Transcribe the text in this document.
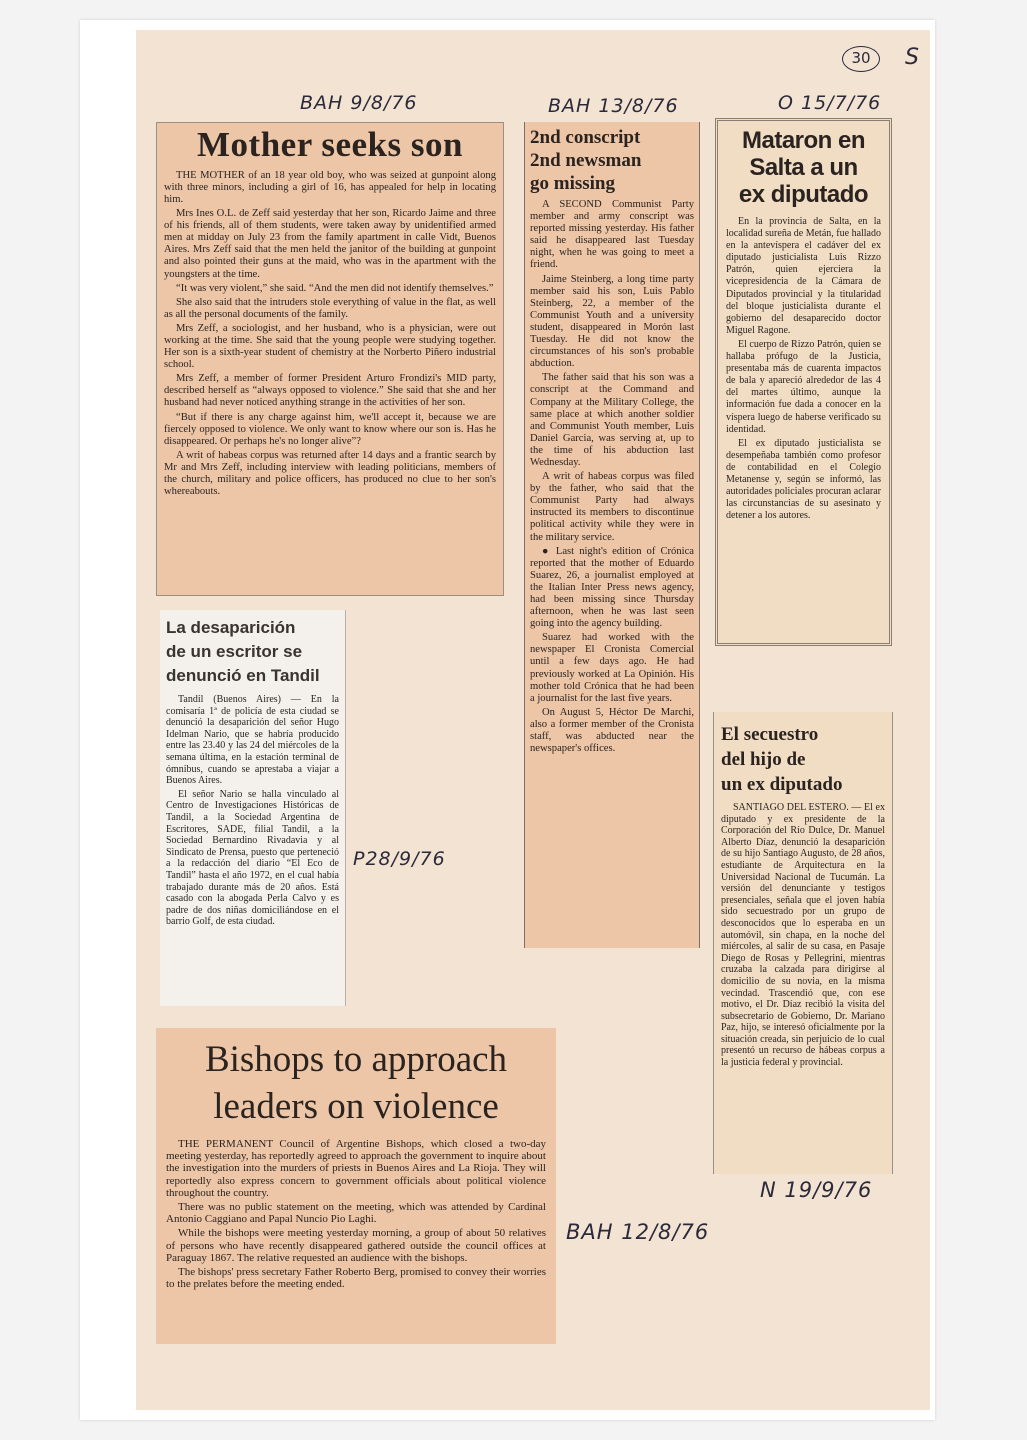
30	S
BAH 9/8/76	BAH 13/8/76	O 15/7/76
P28/9/76
BAH 12/8/76
N 19/9/76
Mother seeks son

THE MOTHER of an 18 year old boy, who was seized at gunpoint along with three minors, including a girl of 16, has appealed for help in locating him.

Mrs Ines O.L. de Zeff said yesterday that her son, Ricardo Jaime and three of his friends, all of them students, were taken away by unidentified armed men at midday on July 23 from the family apartment in calle Vidt, Buenos Aires. Mrs Zeff said that the men held the janitor of the building at gunpoint and also pointed their guns at the maid, who was in the apartment with the youngsters at the time.

“It was very violent,” she said. “And the men did not identify themselves.”

She also said that the intruders stole everything of value in the flat, as well as all the personal documents of the family.

Mrs Zeff, a sociologist, and her husband, who is a physician, were out working at the time. She said that the young people were studying together. Her son is a sixth-year student of chemistry at the Norberto Piñero industrial school.

Mrs Zeff, a member of former President Arturo Frondizi's MID party, described herself as “always opposed to violence.” She said that she and her husband had never noticed anything strange in the activities of her son.

“But if there is any charge against him, we'll accept it, because we are fiercely opposed to violence. We only want to know where our son is. Has he disappeared. Or perhaps he's no longer alive”?

A writ of habeas corpus was returned after 14 days and a frantic search by Mr and Mrs Zeff, including interview with leading politicians, members of the church, military and police officers, has produced no clue to her son's whereabouts.

2nd conscript
2nd newsman
go missing

A SECOND Communist Party member and army conscript was reported missing yesterday. His father said he disappeared last Tuesday night, when he was going to meet a friend.

Jaime Steinberg, a long time party member said his son, Luis Pablo Steinberg, 22, a member of the Communist Youth and a university student, disappeared in Morón last Tuesday. He did not know the circumstances of his son's probable abduction.

The father said that his son was a conscript at the Command and Company at the Military College, the same place at which another soldier and Communist Youth member, Luis Daniel Garcia, was serving at, up to the time of his abduction last Wednesday.

A writ of habeas corpus was filed by the father, who said that the Communist Party had always instructed its members to discontinue political activity while they were in the military service.

● Last night's edition of Crónica reported that the mother of Eduardo Suarez, 26, a journalist employed at the Italian Inter Press news agency, had been missing since Thursday afternoon, when he was last seen going into the agency building.

Suarez had worked with the newspaper El Cronista Comercial until a few days ago. He had previously worked at La Opinión. His mother told Crónica that he had been a journalist for the last five years.

On August 5, Héctor De Marchi, also a former member of the Cronista staff, was abducted near the newspaper's offices.

Mataron en
Salta a un
ex diputado

En la provincia de Salta, en la localidad sureña de Metán, fue hallado en la antevíspera el cadáver del ex diputado justicialista Luis Rizzo Patrón, quien ejerciera la vicepresidencia de la Cámara de Diputados provincial y la titularidad del bloque justicialista durante el gobierno del desaparecido doctor Miguel Ragone.

El cuerpo de Rizzo Patrón, quien se hallaba prófugo de la Justicia, presentaba más de cuarenta impactos de bala y apareció alrededor de las 4 del martes último, aunque la información fue dada a conocer en la víspera luego de haberse verificado su identidad.

El ex diputado justicialista se desempeñaba también como profesor de contabilidad en el Colegio Metanense y, según se informó, las autoridades policiales procuran aclarar las circunstancias de su asesinato y detener a los autores.

La desaparición
de un escritor se
denunció en Tandil

Tandil (Buenos Aires) — En la comisaría 1ª de policía de esta ciudad se denunció la desaparición del señor Hugo Idelman Nario, que se habría producido entre las 23.40 y las 24 del miércoles de la semana última, en la estación terminal de ómnibus, cuando se aprestaba a viajar a Buenos Aires.

El señor Nario se halla vinculado al Centro de Investigaciones Históricas de Tandil, a la Sociedad Argentina de Escritores, SADE, filial Tandil, a la Sociedad Bernardino Rivadavia y al Sindicato de Prensa, puesto que perteneció a la redacción del diario “El Eco de Tandil” hasta el año 1972, en el cual había trabajado durante más de 20 años. Está casado con la abogada Perla Calvo y es padre de dos niñas domiciliándose en el barrio Golf, de esta ciudad.

El secuestro
del hijo de
un ex diputado

SANTIAGO DEL ESTERO. — El ex diputado y ex presidente de la Corporación del Río Dulce, Dr. Manuel Alberto Díaz, denunció la desaparición de su hijo Santiago Augusto, de 28 años, estudiante de Arquitectura en la Universidad Nacional de Tucumán. La versión del denunciante y testigos presenciales, señala que el joven había sido secuestrado por un grupo de desconocidos que lo esperaba en un automóvil, sin chapa, en la noche del miércoles, al salir de su casa, en Pasaje Diego de Rosas y Pellegrini, mientras cruzaba la calzada para dirigirse al domicilio de su novia, en la misma vecindad. Trascendió que, con ese motivo, el Dr. Díaz recibió la visita del subsecretario de Gobierno, Dr. Mariano Paz, hijo, se interesó oficialmente por la situación creada, sin perjuicio de lo cual presentó un recurso de hábeas corpus a la justicia federal y provincial.

Bishops to approach
leaders on violence

THE PERMANENT Council of Argentine Bishops, which closed a two-day meeting yesterday, has reportedly agreed to approach the government to inquire about the investigation into the murders of priests in Buenos Aires and La Rioja. They will reportedly also express concern to government officials about political violence throughout the country.

There was no public statement on the meeting, which was attended by Cardinal Antonio Caggiano and Papal Nuncio Pio Laghi.

While the bishops were meeting yesterday morning, a group of about 50 relatives of persons who have recently disappeared gathered outside the council offices at Paraguay 1867. The relative requested an audience with the bishops.

The bishops' press secretary Father Roberto Berg, promised to convey their worries to the prelates before the meeting ended.
